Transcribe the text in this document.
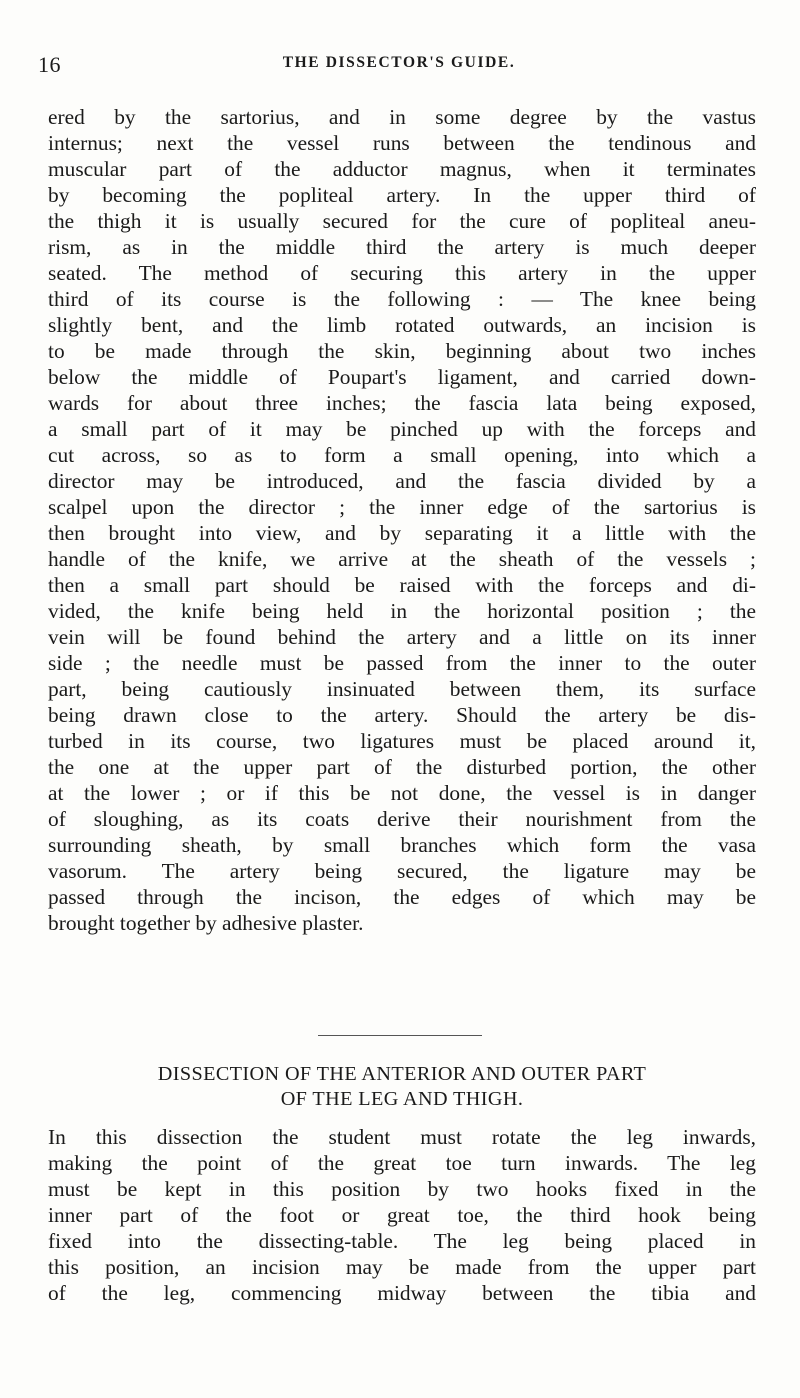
16	THE DISSECTOR'S GUIDE.
ered by the sartorius, and in some degree by the vastus
internus; next the vessel runs between the tendinous and
muscular part of the adductor magnus, when it terminates
by becoming the popliteal artery. In the upper third of
the thigh it is usually secured for the cure of popliteal aneu-
rism, as in the middle third the artery is much deeper
seated. The method of securing this artery in the upper
third of its course is the following : — The knee being
slightly bent, and the limb rotated outwards, an incision is
to be made through the skin, beginning about two inches
below the middle of Poupart's ligament, and carried down-
wards for about three inches; the fascia lata being exposed,
a small part of it may be pinched up with the forceps and
cut across, so as to form a small opening, into which a
director may be introduced, and the fascia divided by a
scalpel upon the director ; the inner edge of the sartorius is
then brought into view, and by separating it a little with the
handle of the knife, we arrive at the sheath of the vessels ;
then a small part should be raised with the forceps and di-
vided, the knife being held in the horizontal position ; the
vein will be found behind the artery and a little on its inner
side ; the needle must be passed from the inner to the outer
part, being cautiously insinuated between them, its surface
being drawn close to the artery. Should the artery be dis-
turbed in its course, two ligatures must be placed around it,
the one at the upper part of the disturbed portion, the other
at the lower ; or if this be not done, the vessel is in danger
of sloughing, as its coats derive their nourishment from the
surrounding sheath, by small branches which form the vasa
vasorum. The artery being secured, the ligature may be
passed through the incison, the edges of which may be
brought together by adhesive plaster.
DISSECTION OF THE ANTERIOR AND OUTER PART
OF THE LEG AND THIGH.
In this dissection the student must rotate the leg inwards,
making the point of the great toe turn inwards. The leg
must be kept in this position by two hooks fixed in the
inner part of the foot or great toe, the third hook being
fixed into the dissecting-table. The leg being placed in
this position, an incision may be made from the upper part
of the leg, commencing midway between the tibia and
